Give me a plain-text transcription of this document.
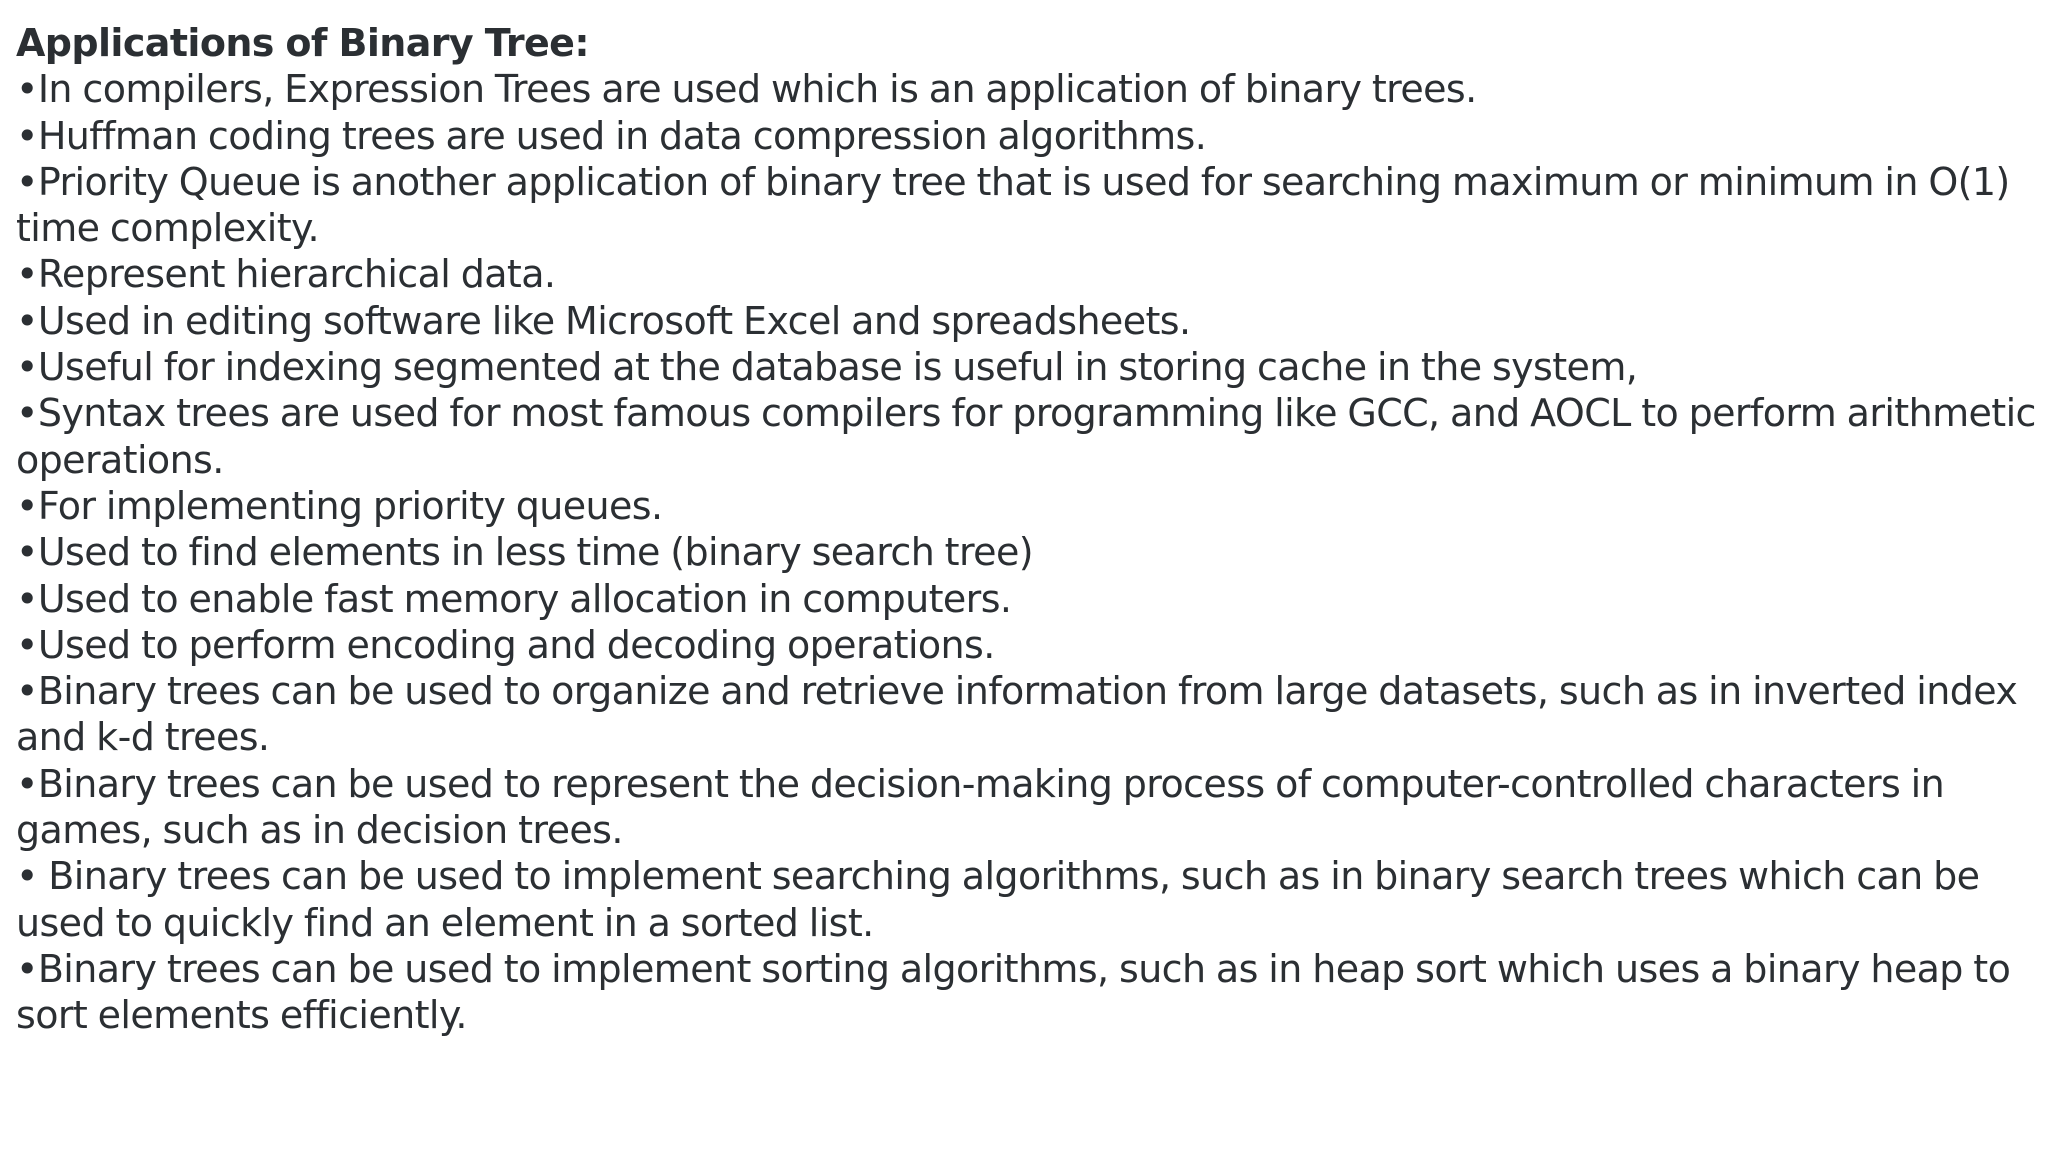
Applications of Binary Tree:
•In compilers, Expression Trees are used which is an application of binary trees.
•Huffman coding trees are used in data compression algorithms.
•Priority Queue is another application of binary tree that is used for searching maximum or minimum in O(1) time complexity.
•Represent hierarchical data.
•Used in editing software like Microsoft Excel and spreadsheets.
•Useful for indexing segmented at the database is useful in storing cache in the system,
•Syntax trees are used for most famous compilers for programming like GCC, and AOCL to perform arithmetic operations.
•For implementing priority queues.
•Used to find elements in less time (binary search tree)
•Used to enable fast memory allocation in computers.
•Used to perform encoding and decoding operations.
•Binary trees can be used to organize and retrieve information from large datasets, such as in inverted index and k-d trees.
•Binary trees can be used to represent the decision-making process of computer-controlled characters in games, such as in decision trees.
• Binary trees can be used to implement searching algorithms, such as in binary search trees which can be used to quickly find an element in a sorted list.
•Binary trees can be used to implement sorting algorithms, such as in heap sort which uses a binary heap to sort elements efficiently.
